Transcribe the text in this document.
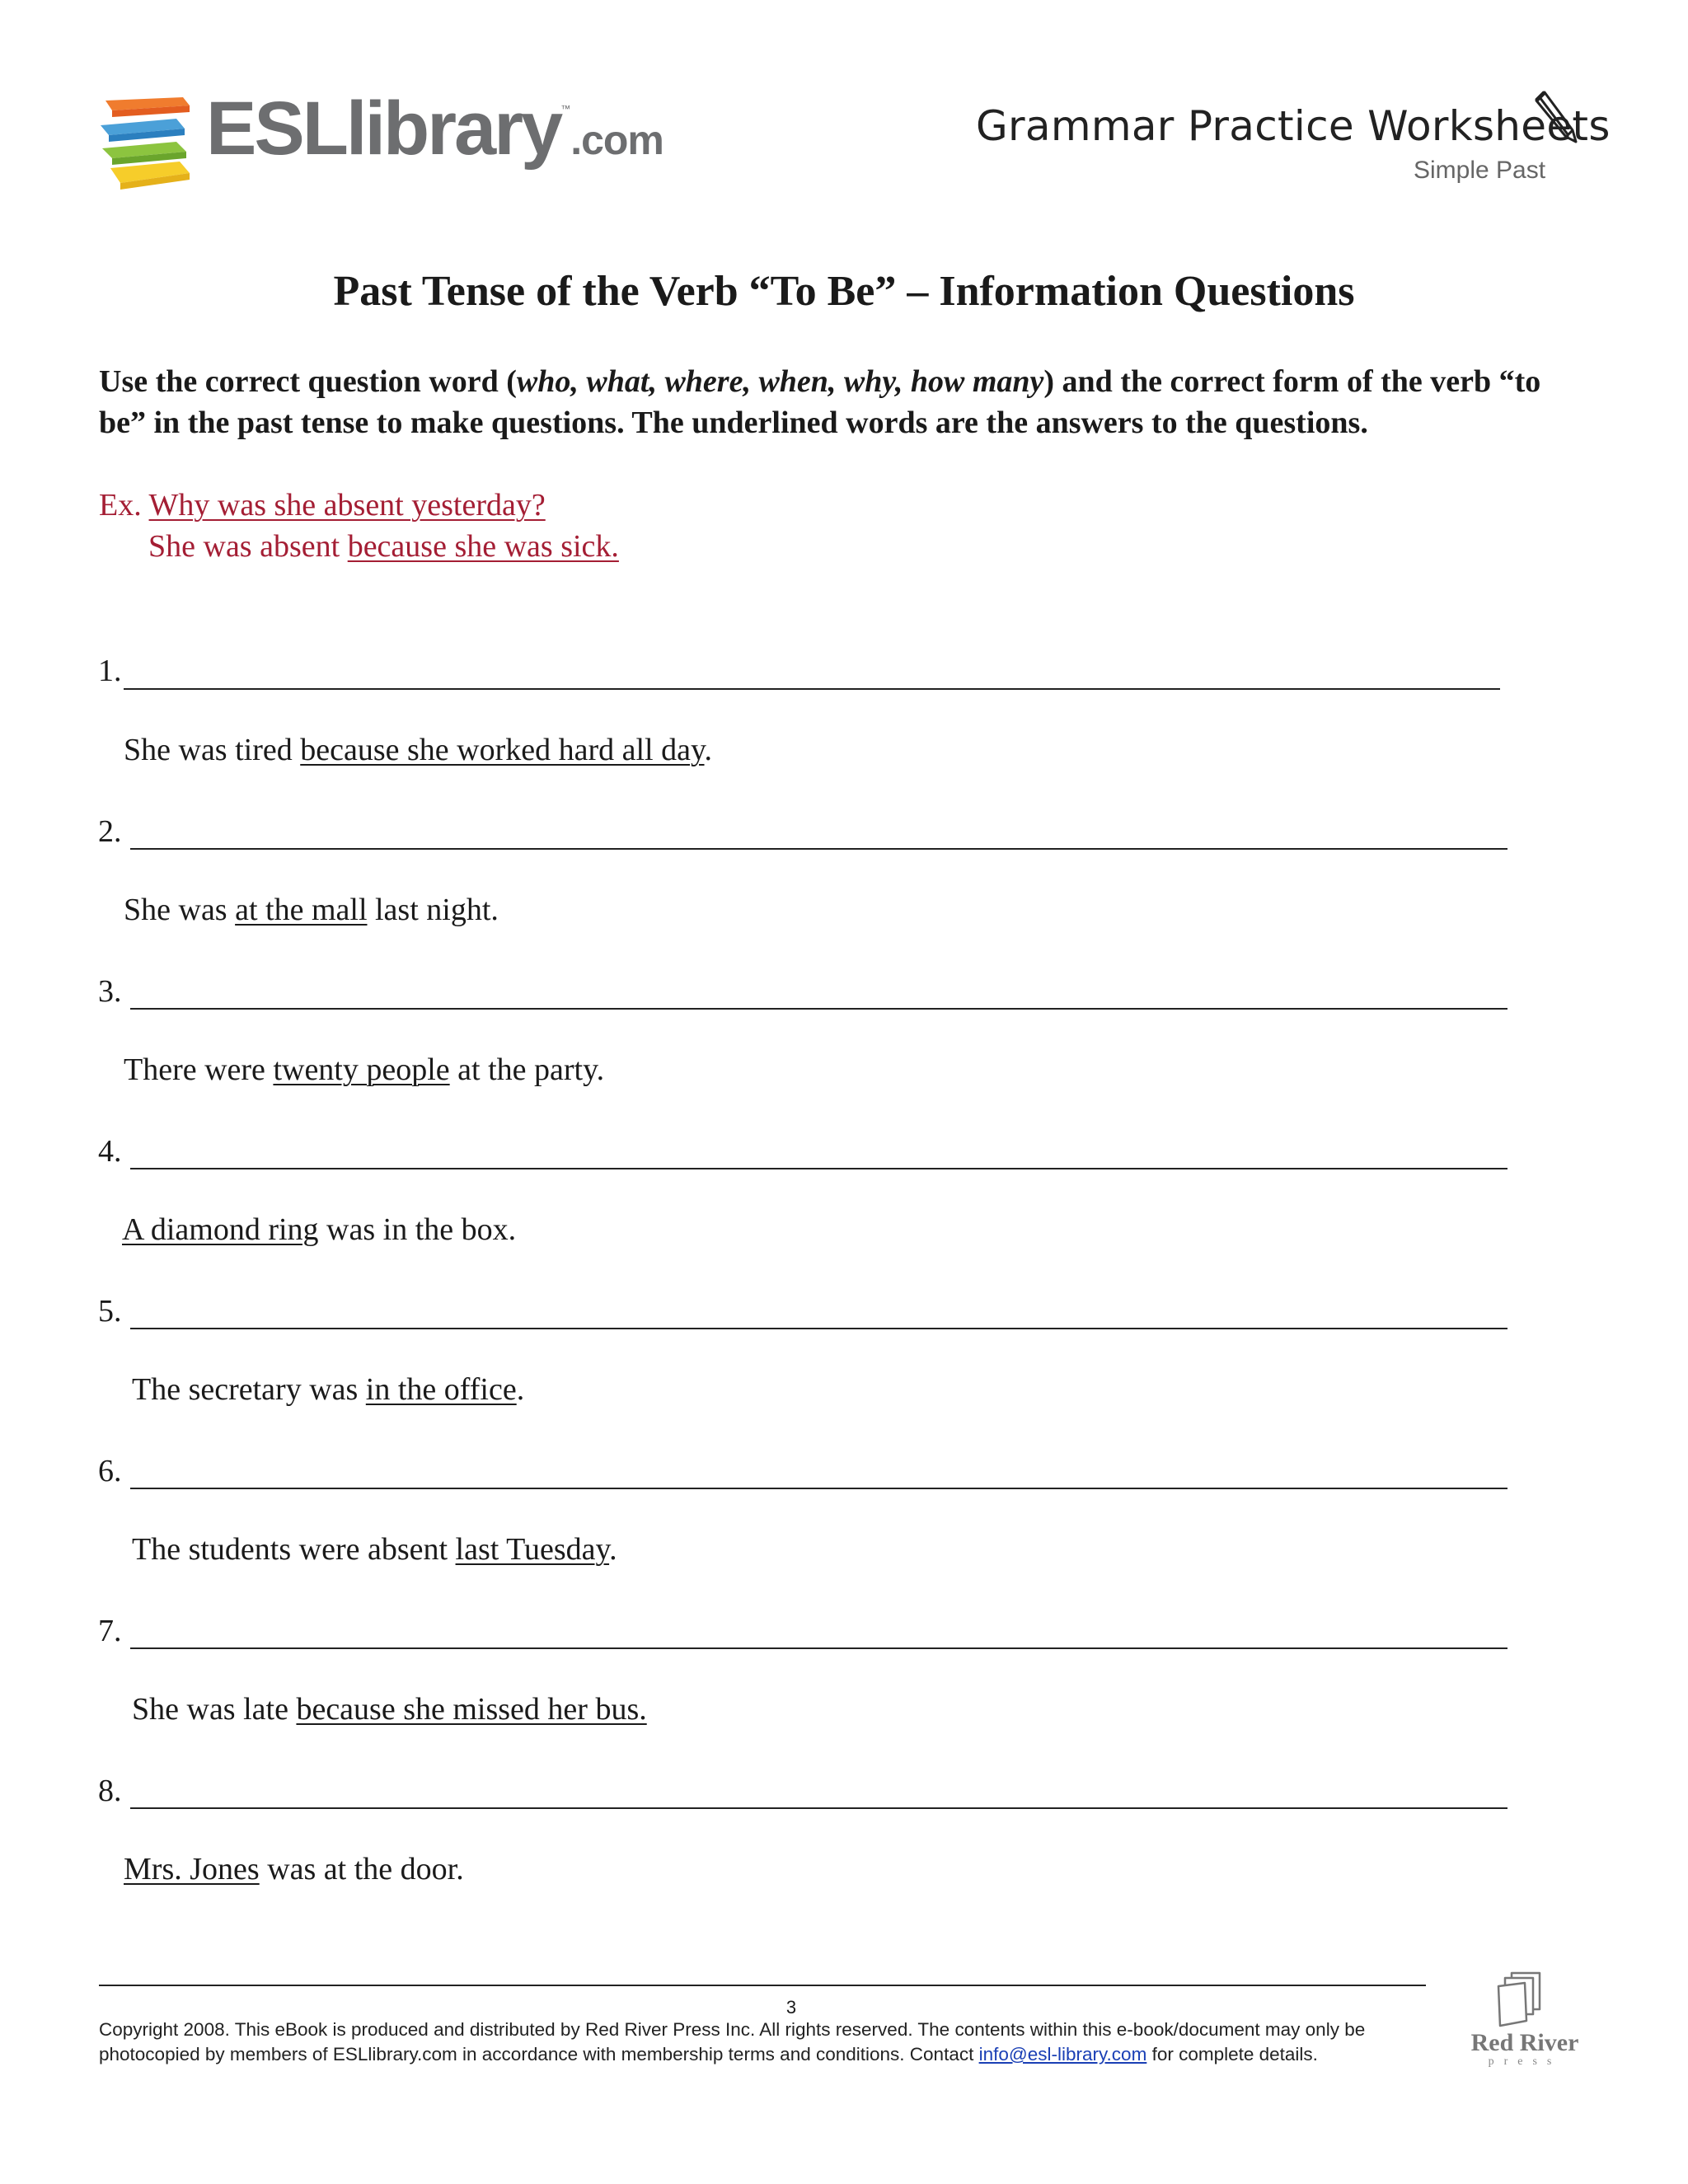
ESLlibrary™.com	Grammar Practice Worksheets
Simple Past
Past Tense of the Verb “To Be” – Information Questions
Use the correct question word (who, what, where, when, why, how many) and the correct form of the verb “to be” in the past tense to make questions. The underlined words are the answers to the questions.
Ex. Why was she absent yesterday?
She was absent because she was sick.
1.
She was tired because she worked hard all day.
2.
She was at the mall last night.
3.
There were twenty people at the party.
4.
A diamond ring was in the box.
5.
The secretary was in the office.
6.
The students were absent last Tuesday.
7.
She was late because she missed her bus.
8.
Mrs. Jones was at the door.
3
Copyright 2008. This eBook is produced and distributed by Red River Press Inc. All rights reserved. The contents within this e-book/document may only be photocopied by members of ESLlibrary.com in accordance with membership terms and conditions. Contact info@esl-library.com for complete details.	Red River
press
